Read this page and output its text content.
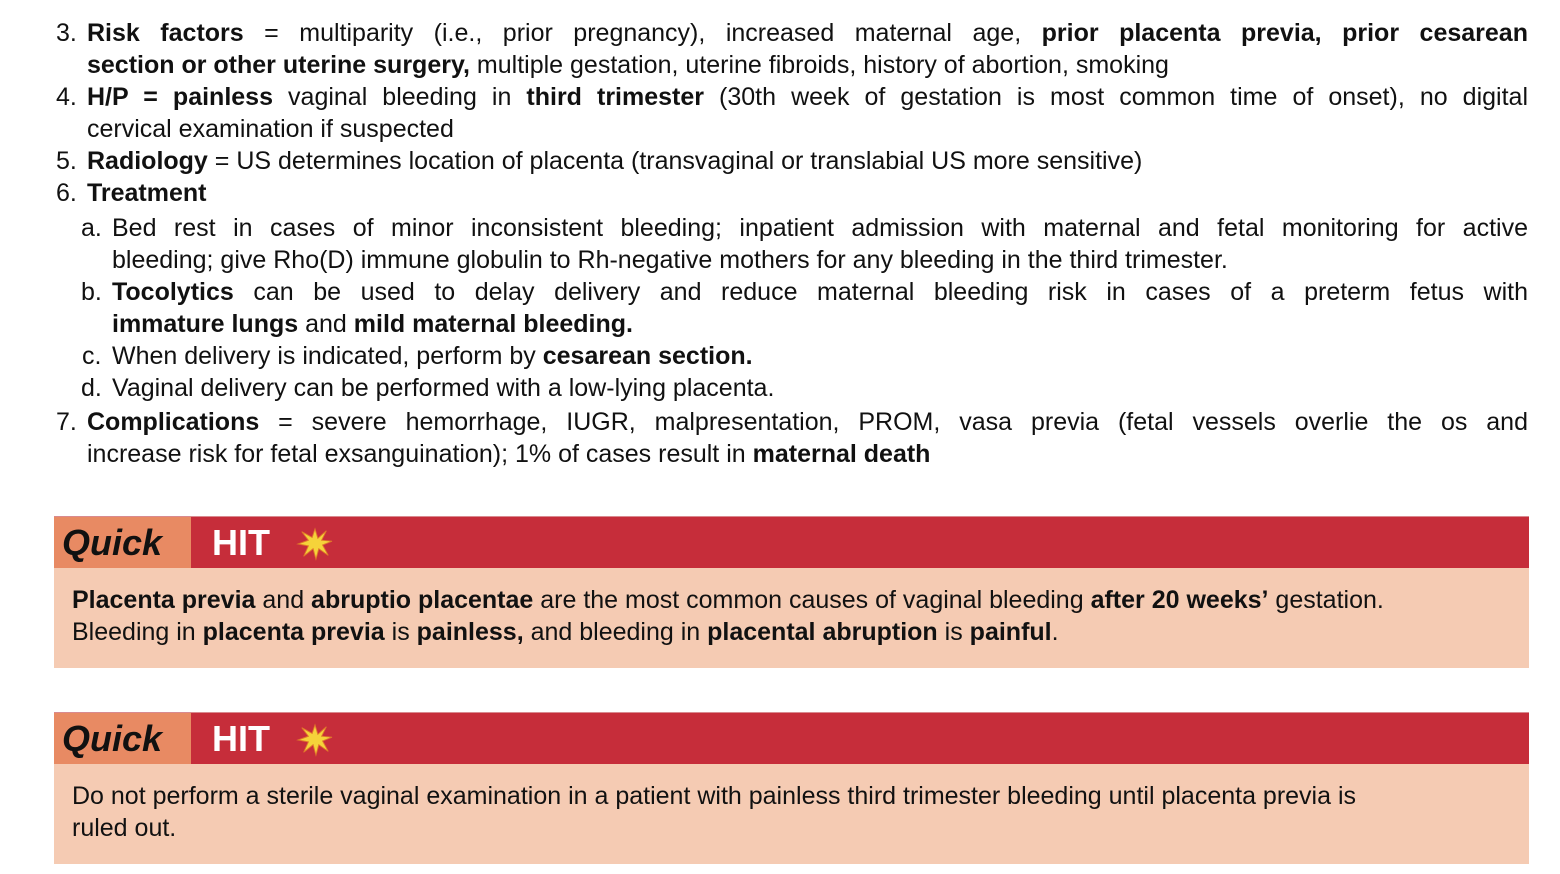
3. Risk factors = multiparity (i.e., prior pregnancy), increased maternal age, prior placenta previa, prior cesarean
section or other uterine surgery, multiple gestation, uterine fibroids, history of abortion, smoking
4. H/P = painless vaginal bleeding in third trimester (30th week of gestation is most common time of onset), no digital
cervical examination if suspected
5. Radiology = US determines location of placenta (transvaginal or translabial US more sensitive)
6. Treatment
a. Bed rest in cases of minor inconsistent bleeding; inpatient admission with maternal and fetal monitoring for active
bleeding; give Rho(D) immune globulin to Rh-negative mothers for any bleeding in the third trimester.
b. Tocolytics can be used to delay delivery and reduce maternal bleeding risk in cases of a preterm fetus with
immature lungs and mild maternal bleeding.
c. When delivery is indicated, perform by cesarean section.
d. Vaginal delivery can be performed with a low-lying placenta.
7. Complications = severe hemorrhage, IUGR, malpresentation, PROM, vasa previa (fetal vessels overlie the os and
increase risk for fetal exsanguination); 1% of cases result in maternal death
Quick	HIT
Placenta previa and abruptio placentae are the most common causes of vaginal bleeding after 20 weeks’ gestation.
Bleeding in placenta previa is painless, and bleeding in placental abruption is painful.
Quick	HIT
Do not perform a sterile vaginal examination in a patient with painless third trimester bleeding until placenta previa is
ruled out.
